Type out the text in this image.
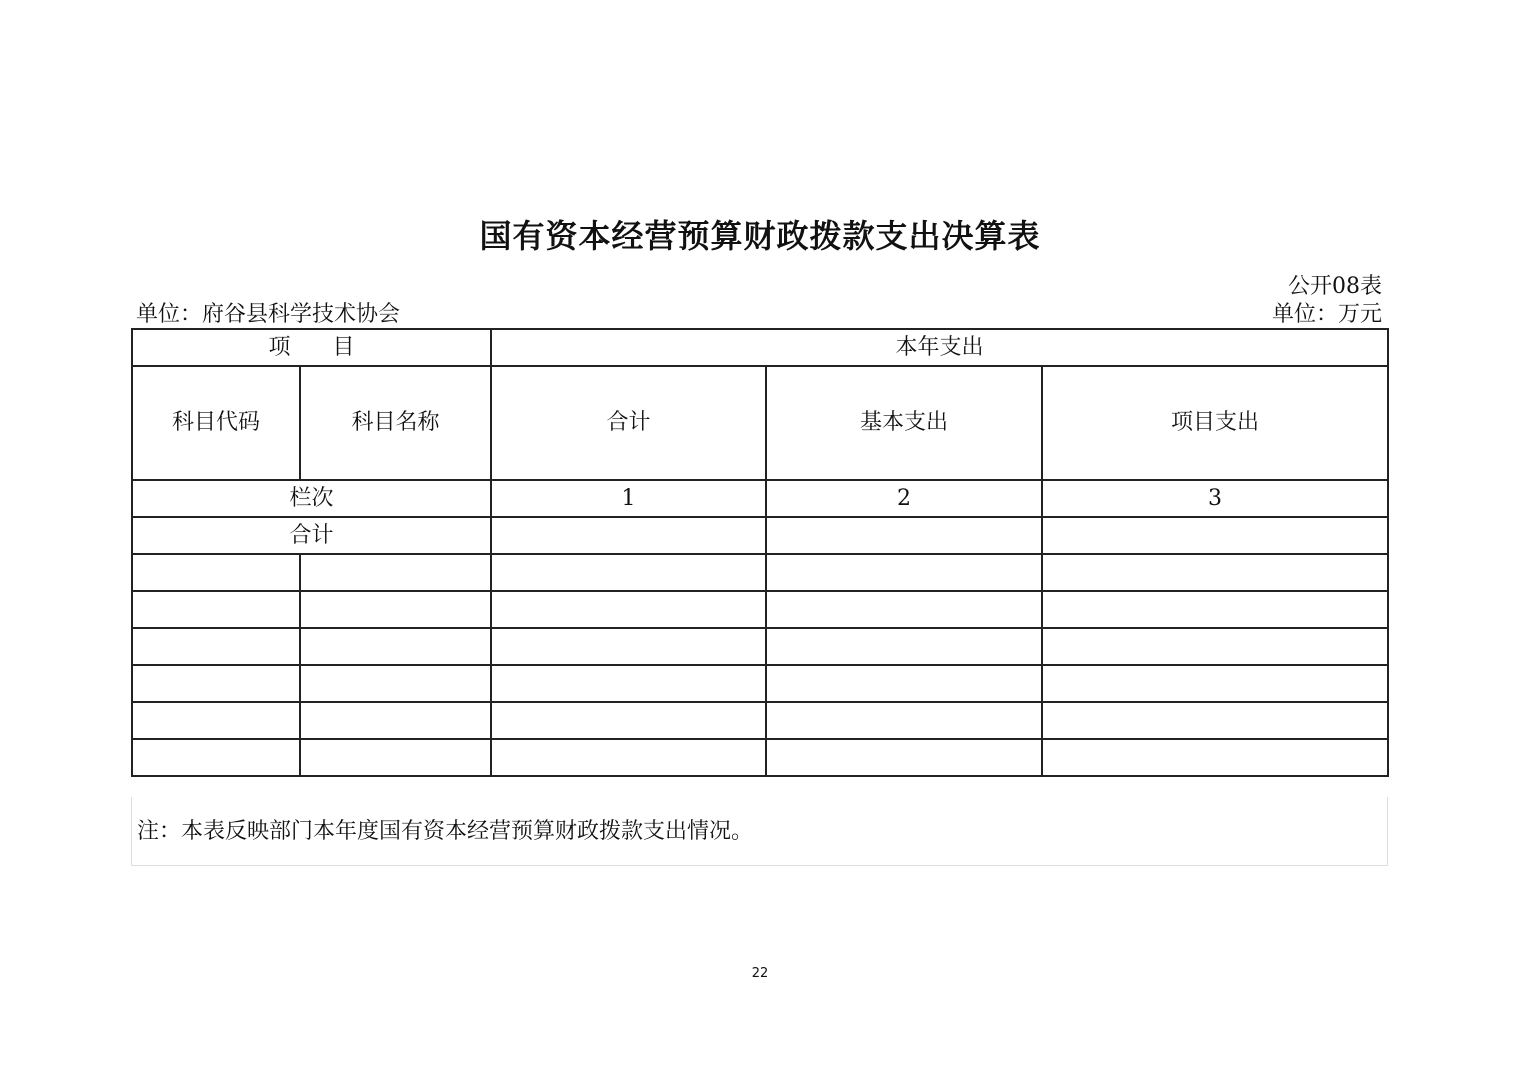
国有资本经营预算财政拨款支出决算表
公开08表
单位：府谷县科学技术协会	单位：万元
项      目		本年支出		
科目代码	科目名称	合计	基本支出	项目支出
栏次		1	2	3
合计				

注：本表反映部门本年度国有资本经营预算财政拨款支出情况。
22
